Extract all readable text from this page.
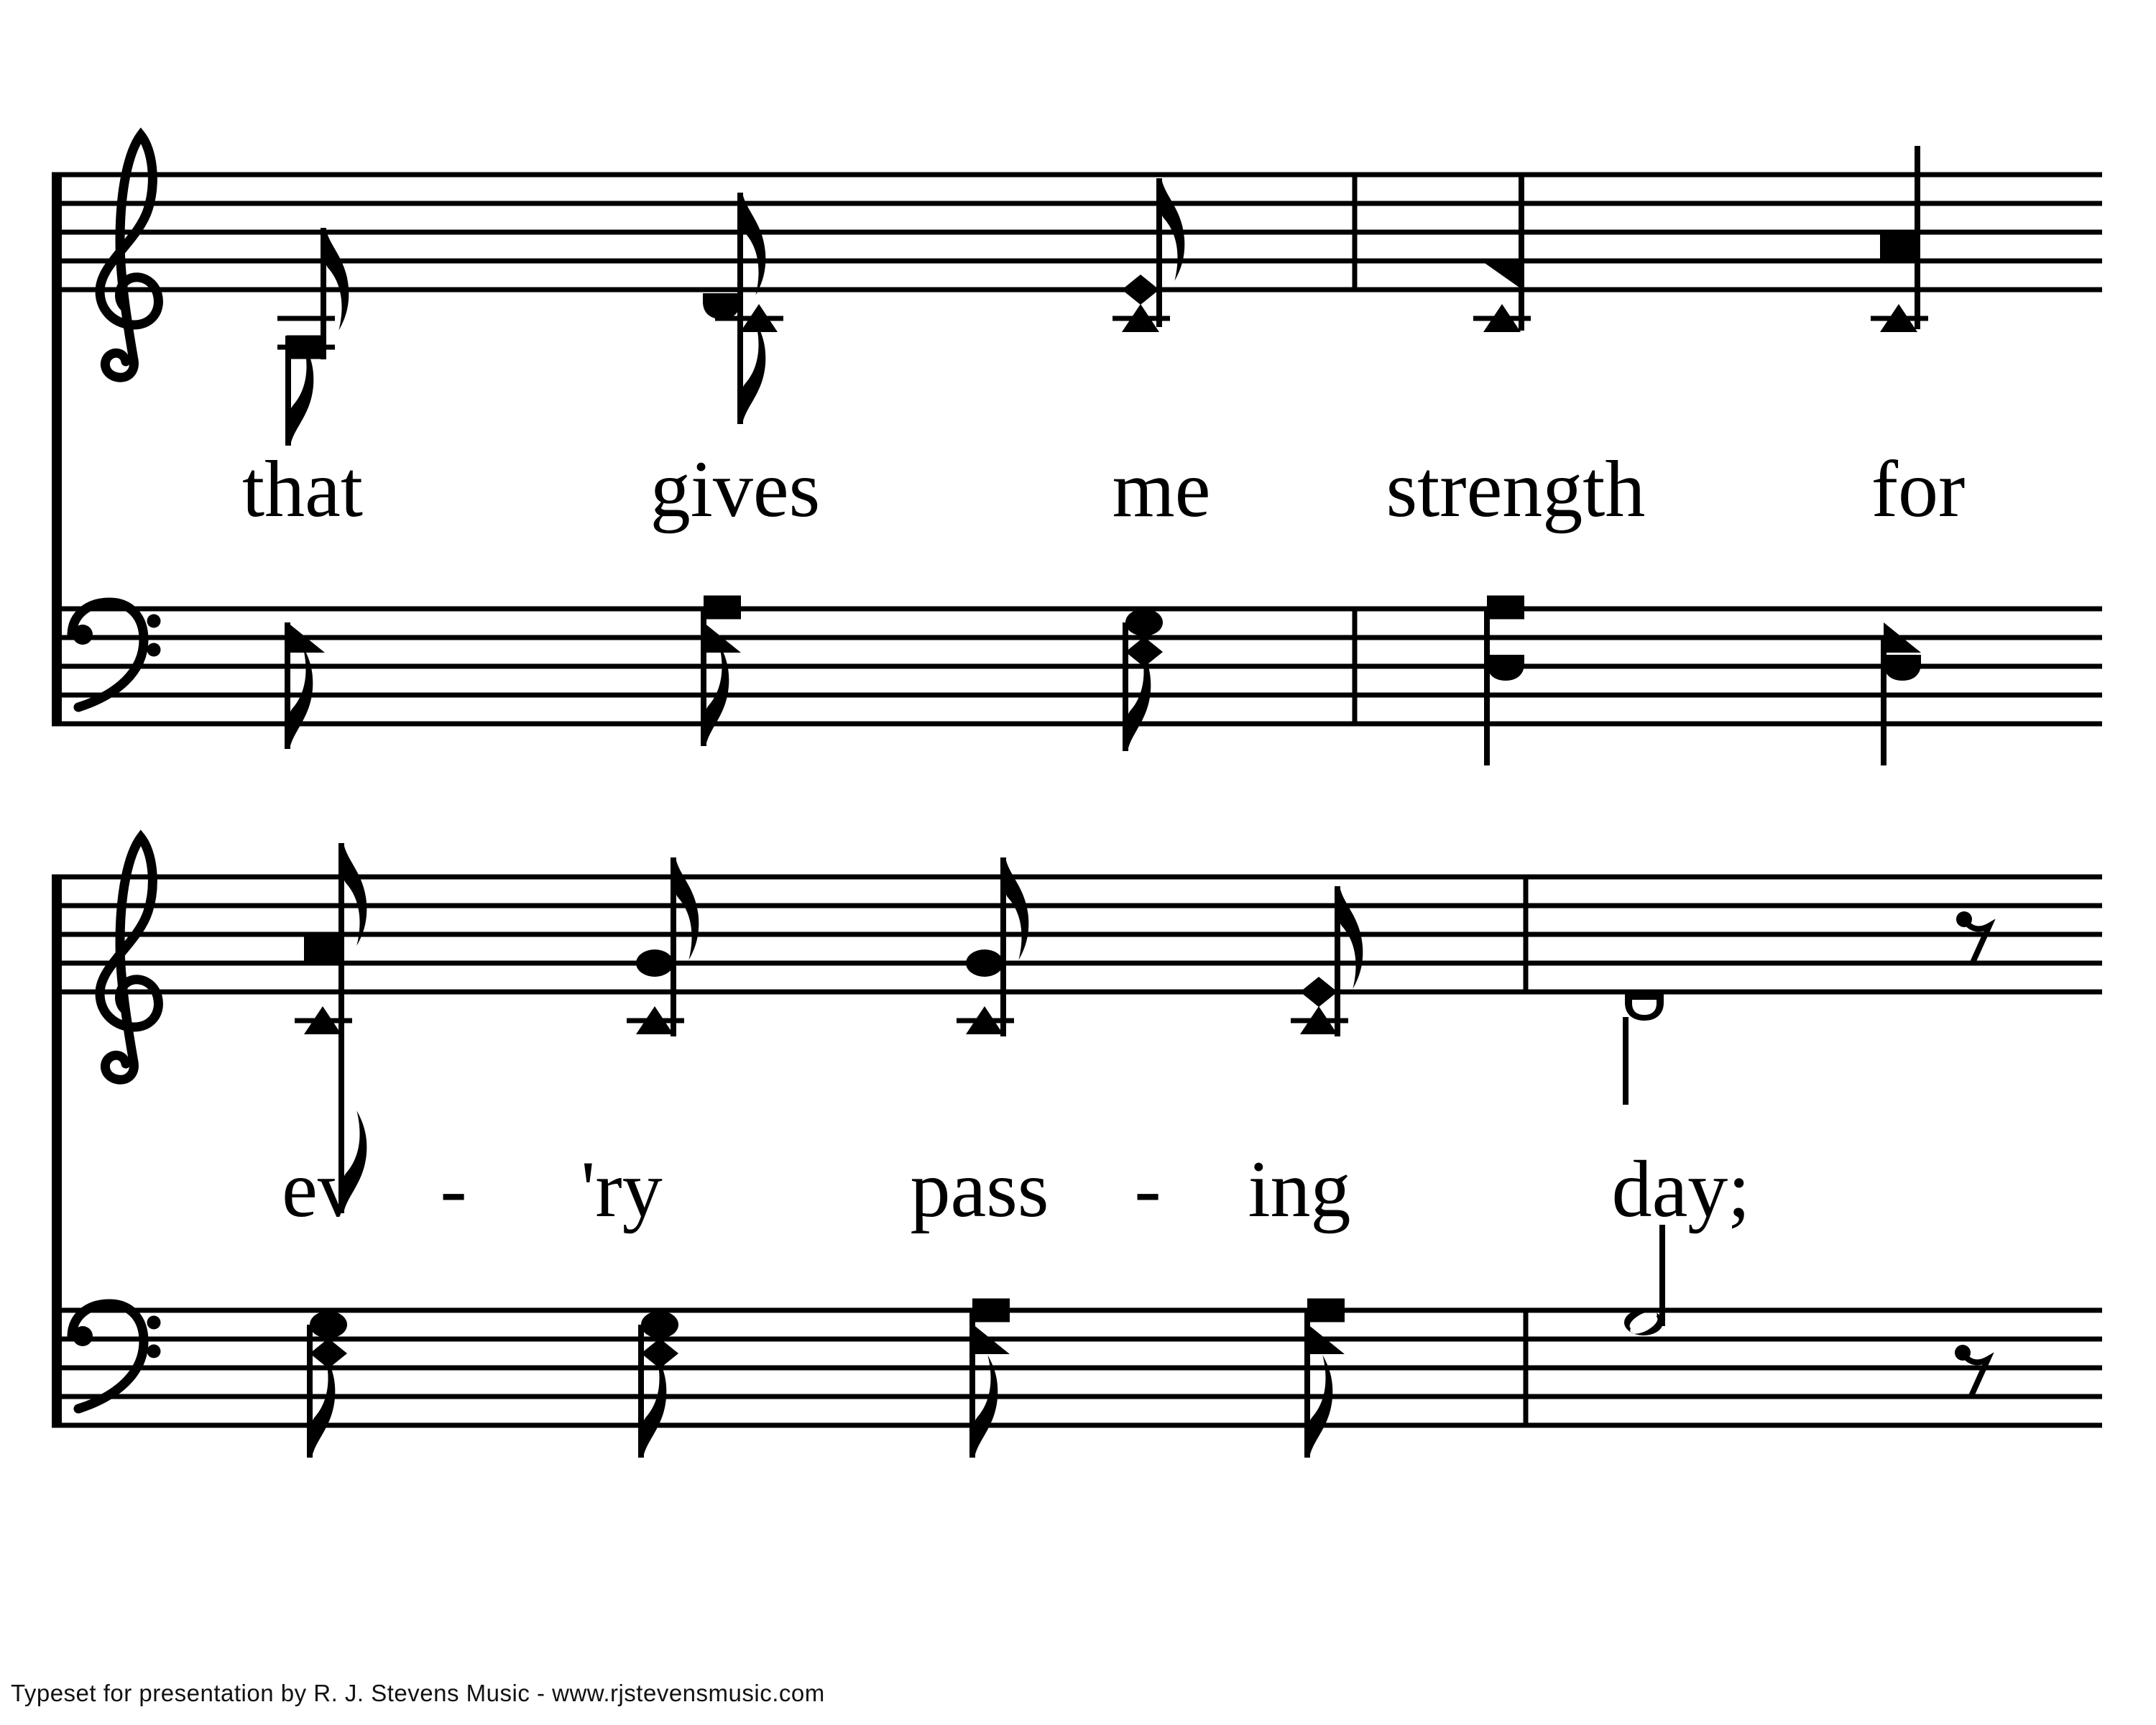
that	gives	me strength	for
ev - 'ry	pass - ing	day;
Typeset for presentation by R. J. Stevens Music - www.rjstevensmusic.com
